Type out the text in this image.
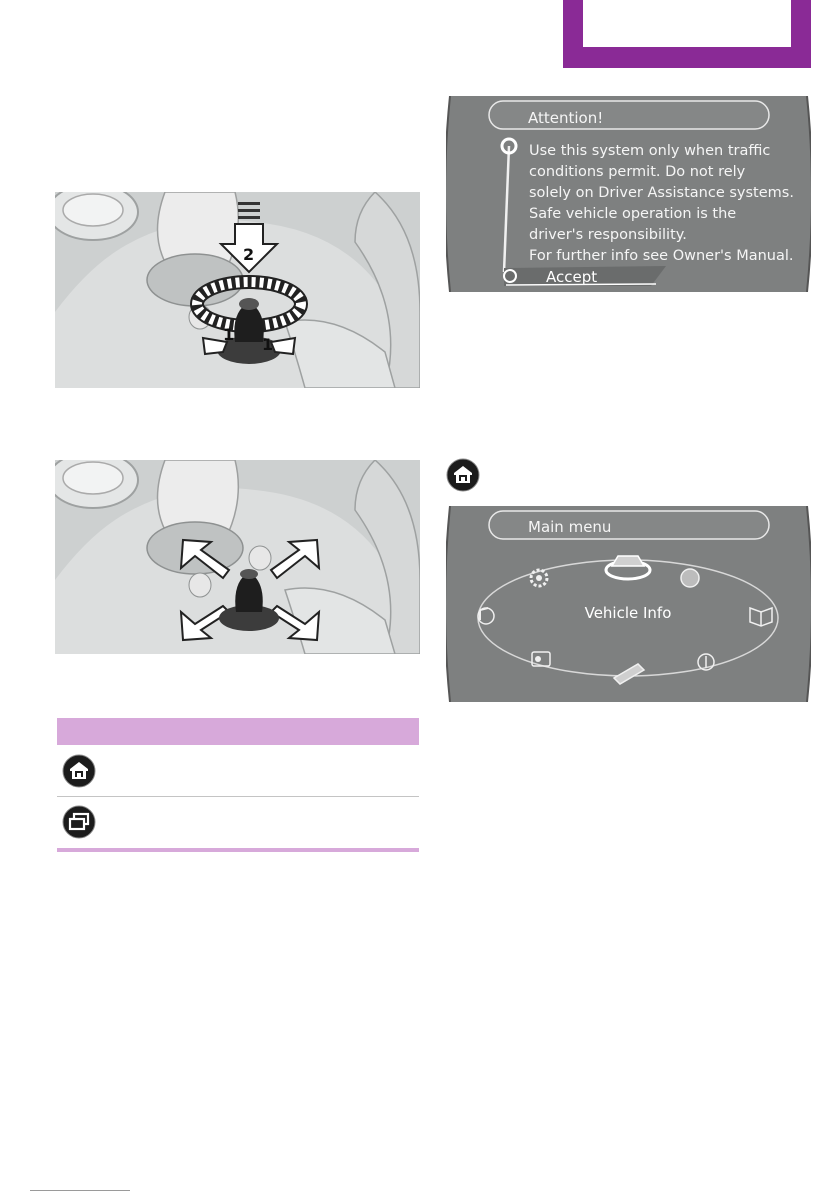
1
1
2
Attention!
Use this system only when traffic
conditions permit. Do not rely
solely on Driver Assistance systems.
Safe vehicle operation is the
driver's responsibility.
For further info see Owner's Manual.
Accept
Main menu
Vehicle Info
